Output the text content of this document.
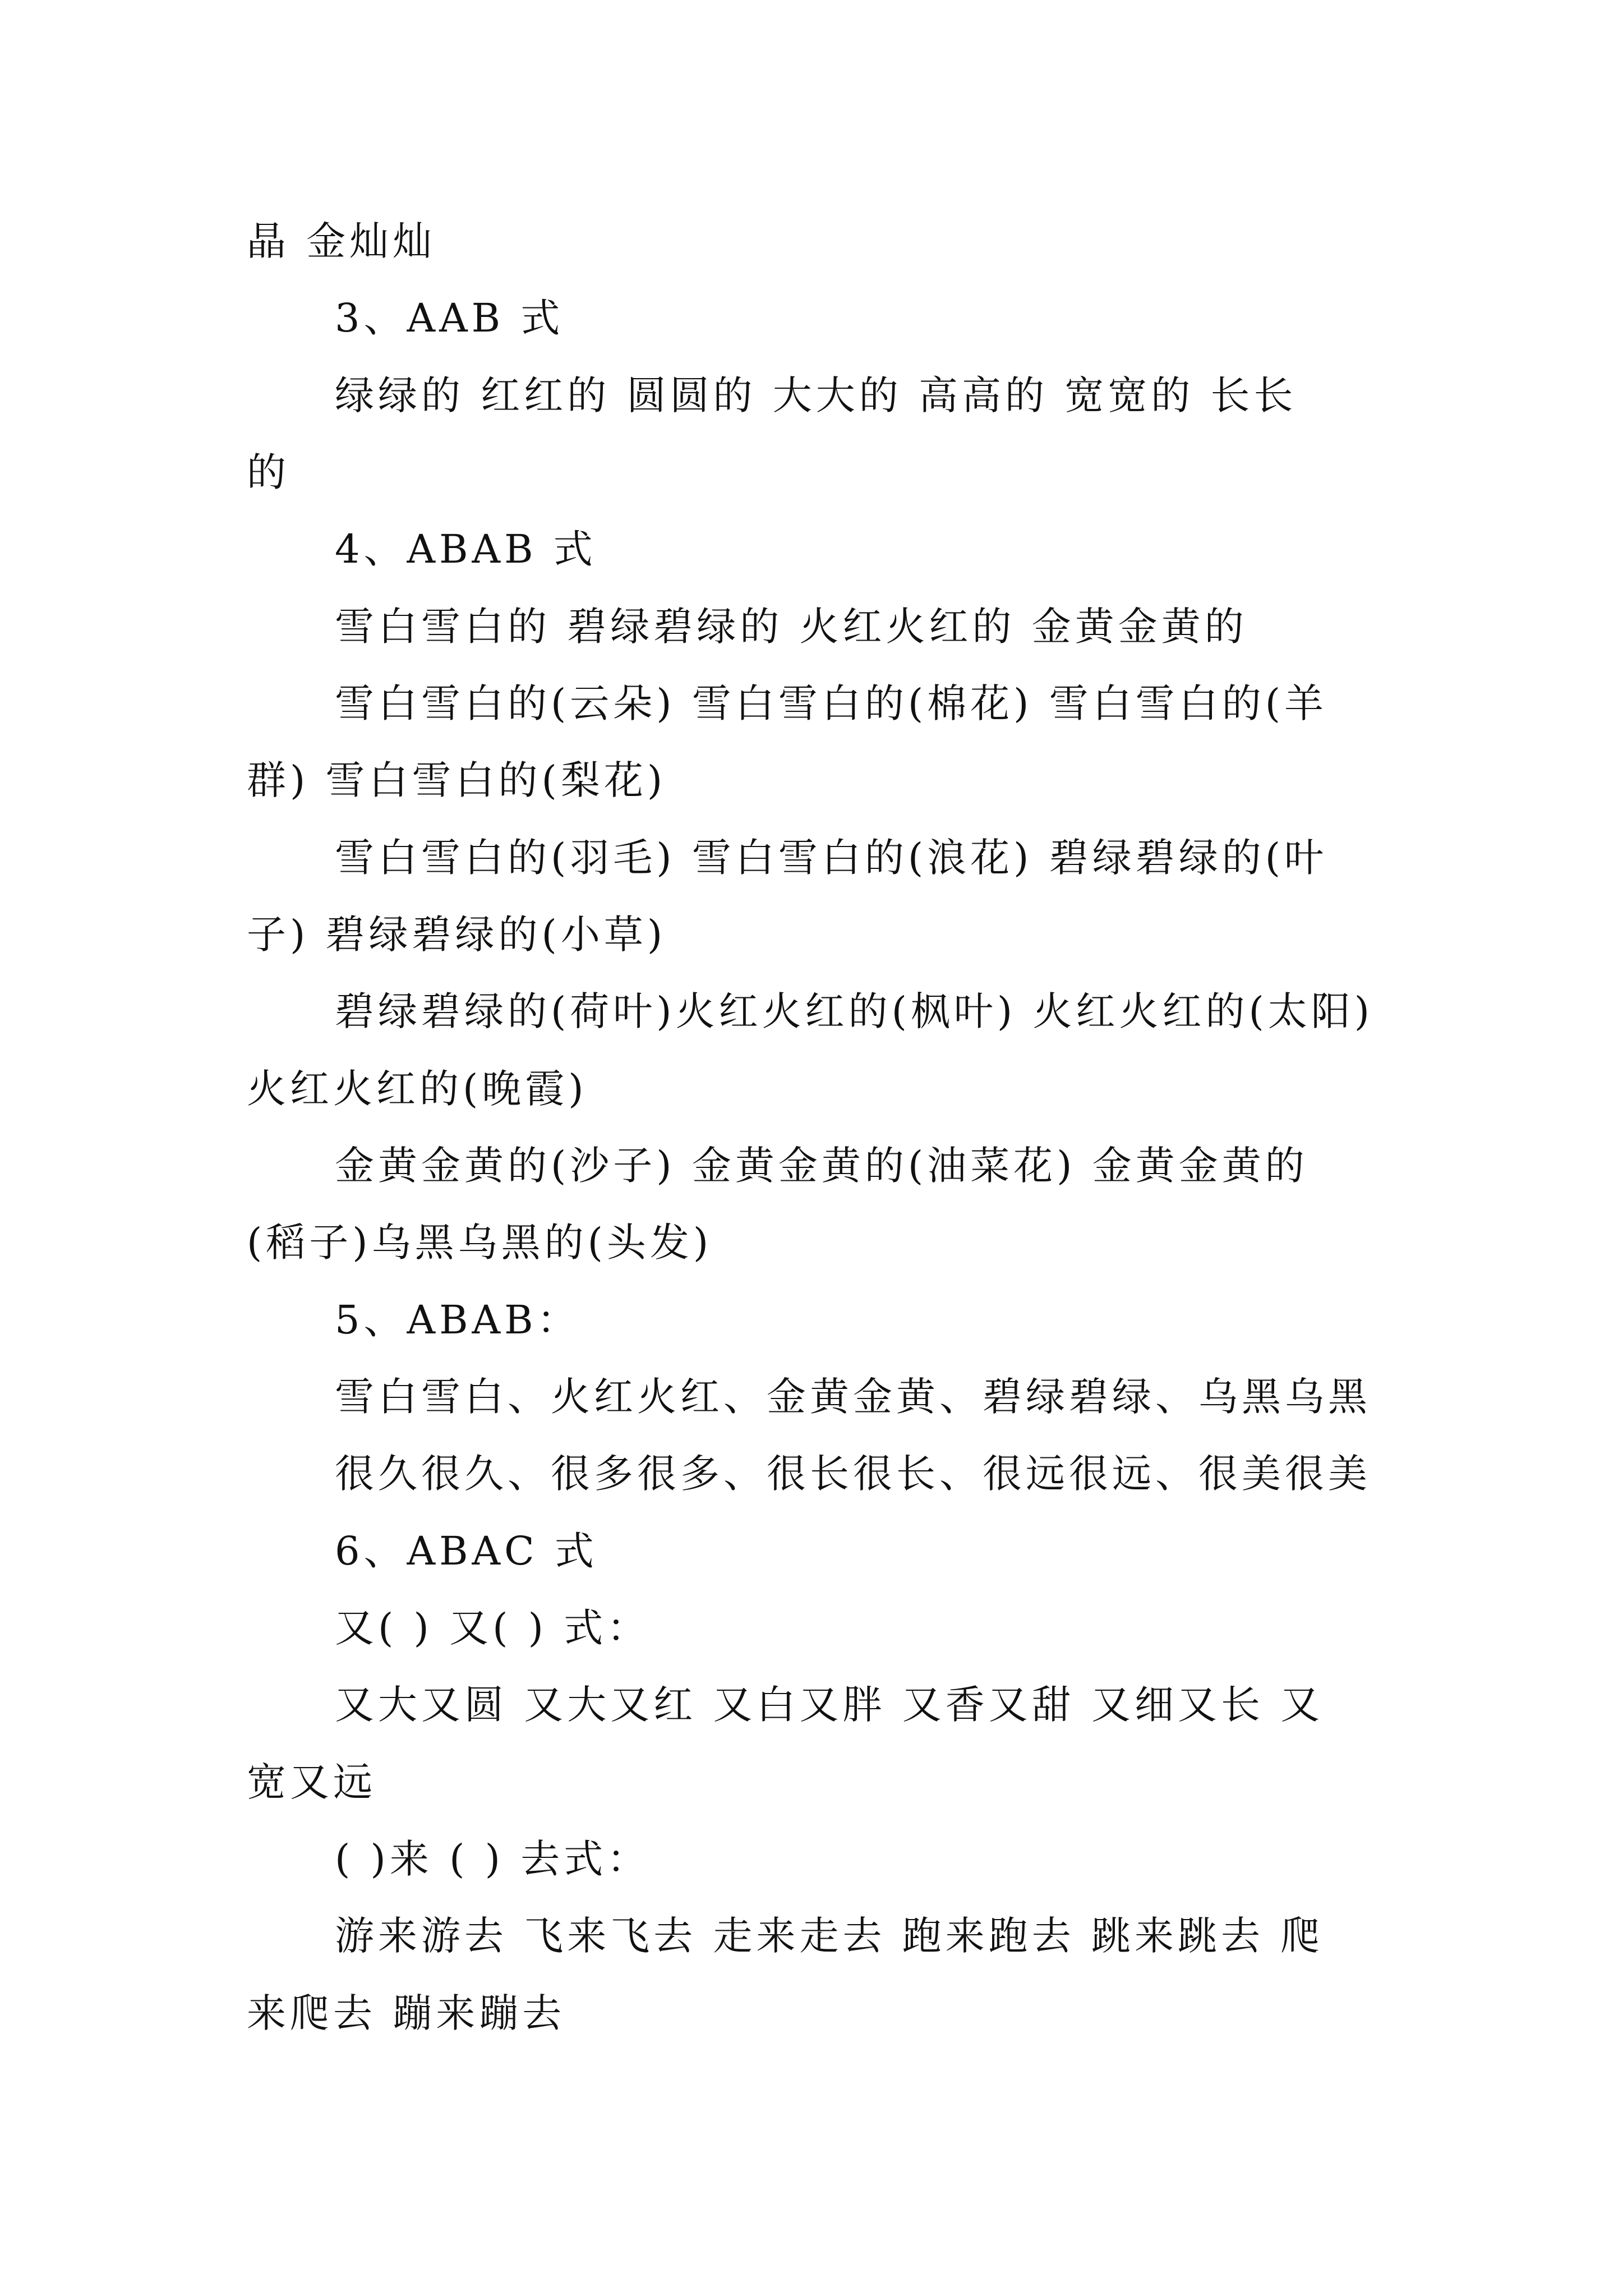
晶 金灿灿

3、AAB 式

绿绿的 红红的 圆圆的 大大的 高高的 宽宽的 长长

的

4、ABAB 式

雪白雪白的 碧绿碧绿的 火红火红的 金黄金黄的

雪白雪白的(云朵) 雪白雪白的(棉花) 雪白雪白的(羊

群) 雪白雪白的(梨花)

雪白雪白的(羽毛) 雪白雪白的(浪花) 碧绿碧绿的(叶

子) 碧绿碧绿的(小草)

碧绿碧绿的(荷叶)火红火红的(枫叶) 火红火红的(太阳)

火红火红的(晚霞)

金黄金黄的(沙子) 金黄金黄的(油菜花) 金黄金黄的

(稻子)乌黑乌黑的(头发)

5、ABAB：

雪白雪白、火红火红、金黄金黄、碧绿碧绿、乌黑乌黑

很久很久、很多很多、很长很长、很远很远、很美很美

6、ABAC 式

又( ) 又( ) 式：

又大又圆 又大又红 又白又胖 又香又甜 又细又长 又

宽又远

( )来 ( ) 去式：

游来游去 飞来飞去 走来走去 跑来跑去 跳来跳去 爬

来爬去 蹦来蹦去
